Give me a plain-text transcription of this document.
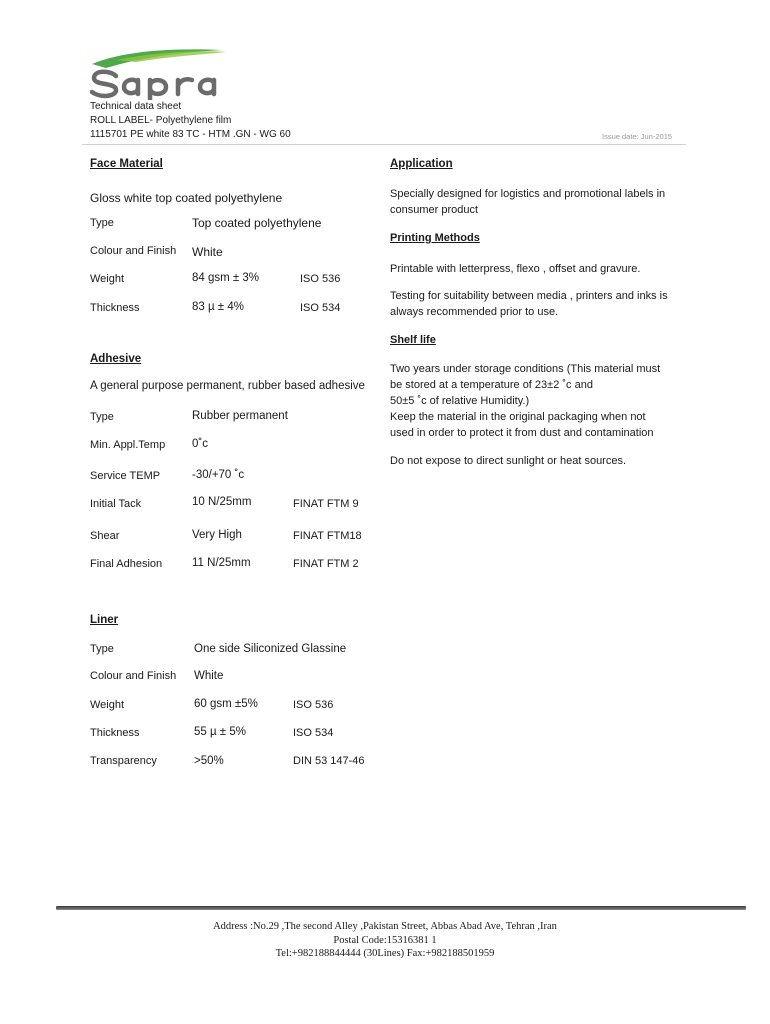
Technical data sheet
ROLL LABEL- Polyethylene film
1115701 PE white 83 TC - HTM .GN - WG 60	Issue date: Jun-2015
Face Material
Gloss white top coated polyethylene
Type	Top coated polyethylene
Colour and Finish White
Weight	84 gsm ± 3%	ISO 536
Thickness	83 µ ± 4%	ISO 534
Adhesive
A general purpose permanent, rubber based adhesive
Type	Rubber permanent
Min. Appl.Temp 0˚c
Service TEMP	-30/+70 ˚c
Initial Tack	10 N/25mm	FINAT FTM 9
Shear	Very High	FINAT FTM18
Final Adhesion	11 N/25mm	FINAT FTM 2
Liner
Type	One side Siliconized Glassine
Colour and Finish White
Weight	60 gsm ±5%	ISO 536
Thickness	55 µ ± 5%	ISO 534
Transparency	>50%	DIN 53 147-46
Application
Specially designed for logistics and promotional labels in consumer product
Printing Methods
Printable with letterpress, flexo , offset and gravure.
Testing for suitability between media , printers and inks is always recommended prior to use.
Shelf life
Two years under storage conditions (This material must
be stored at a temperature of 23±2 ˚c and
50±5 ˚c of relative Humidity.)
Keep the material in the original packaging when not
used in order to protect it from dust and contamination
Do not expose to direct sunlight or heat sources.
Address :No.29 ,The second Alley ,Pakistan Street, Abbas Abad Ave, Tehran ,Iran
Postal Code:15316381 1
Tel:+982188844444 (30Lines) Fax:+982188501959
